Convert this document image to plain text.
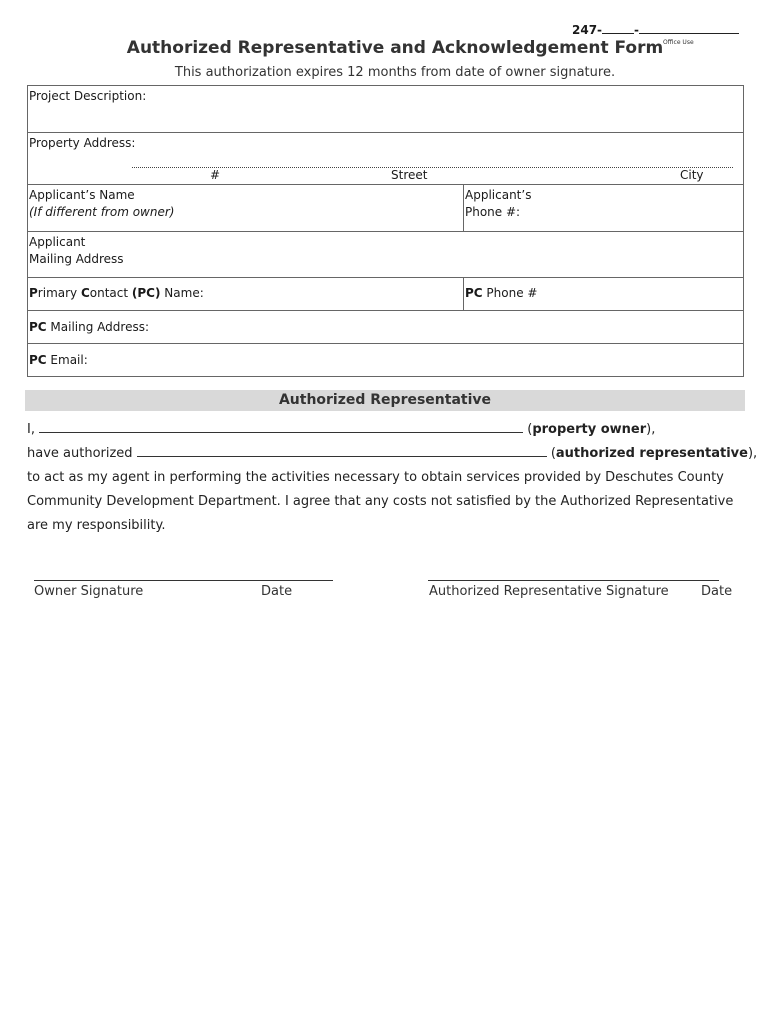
247-	-
Office Use
Authorized Representative and Acknowledgement Form
This authorization expires 12 months from date of owner signature.
Project Description:
Property Address:
#	Street	City
Applicant’s Name
(If different from owner)
Applicant’s
Phone #:
Applicant
Mailing Address
Primary Contact (PC) Name:	PC Phone #
PC Mailing Address:
PC Email:
Authorized Representative
I,	(property owner),
have authorized	(authorized representative),
to act as my agent in performing the activities necessary to obtain services provided by Deschutes County
Community Development Department. I agree that any costs not satisfied by the Authorized Representative
are my responsibility.
Owner Signature	Date	Authorized Representative Signature Date
